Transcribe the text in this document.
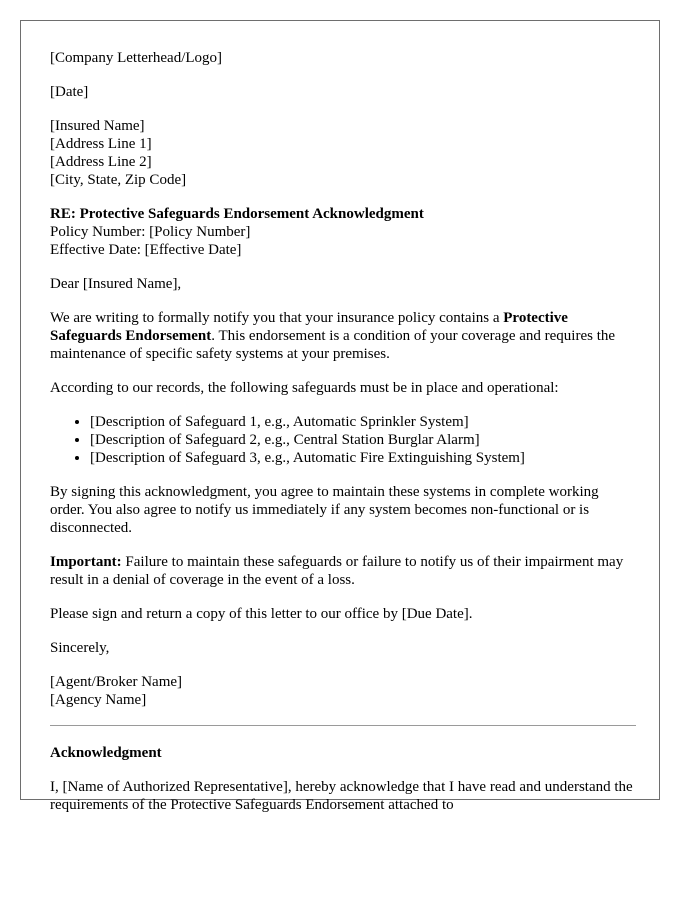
[Company Letterhead/Logo]

[Date]

[Insured Name]
[Address Line 1]
[Address Line 2]
[City, State, Zip Code]
RE: Protective Safeguards Endorsement Acknowledgment
Policy Number: [Policy Number]
Effective Date: [Effective Date]

Dear [Insured Name],

We are writing to formally notify you that your insurance policy contains a Protective Safeguards Endorsement. This endorsement is a condition of your coverage and requires the maintenance of specific safety systems at your premises.

According to our records, the following safeguards must be in place and operational:

• [Description of Safeguard 1, e.g., Automatic Sprinkler System]
• [Description of Safeguard 2, e.g., Central Station Burglar Alarm]
• [Description of Safeguard 3, e.g., Automatic Fire Extinguishing System]

By signing this acknowledgment, you agree to maintain these systems in complete working order. You also agree to notify us immediately if any system becomes non-functional or is disconnected.

Important: Failure to maintain these safeguards or failure to notify us of their impairment may result in a denial of coverage in the event of a loss.

Please sign and return a copy of this letter to our office by [Due Date].

Sincerely,

[Agent/Broker Name]
[Agency Name]
Acknowledgment

I, [Name of Authorized Representative], hereby acknowledge that I have read and understand the requirements of the Protective Safeguards Endorsement attached to
